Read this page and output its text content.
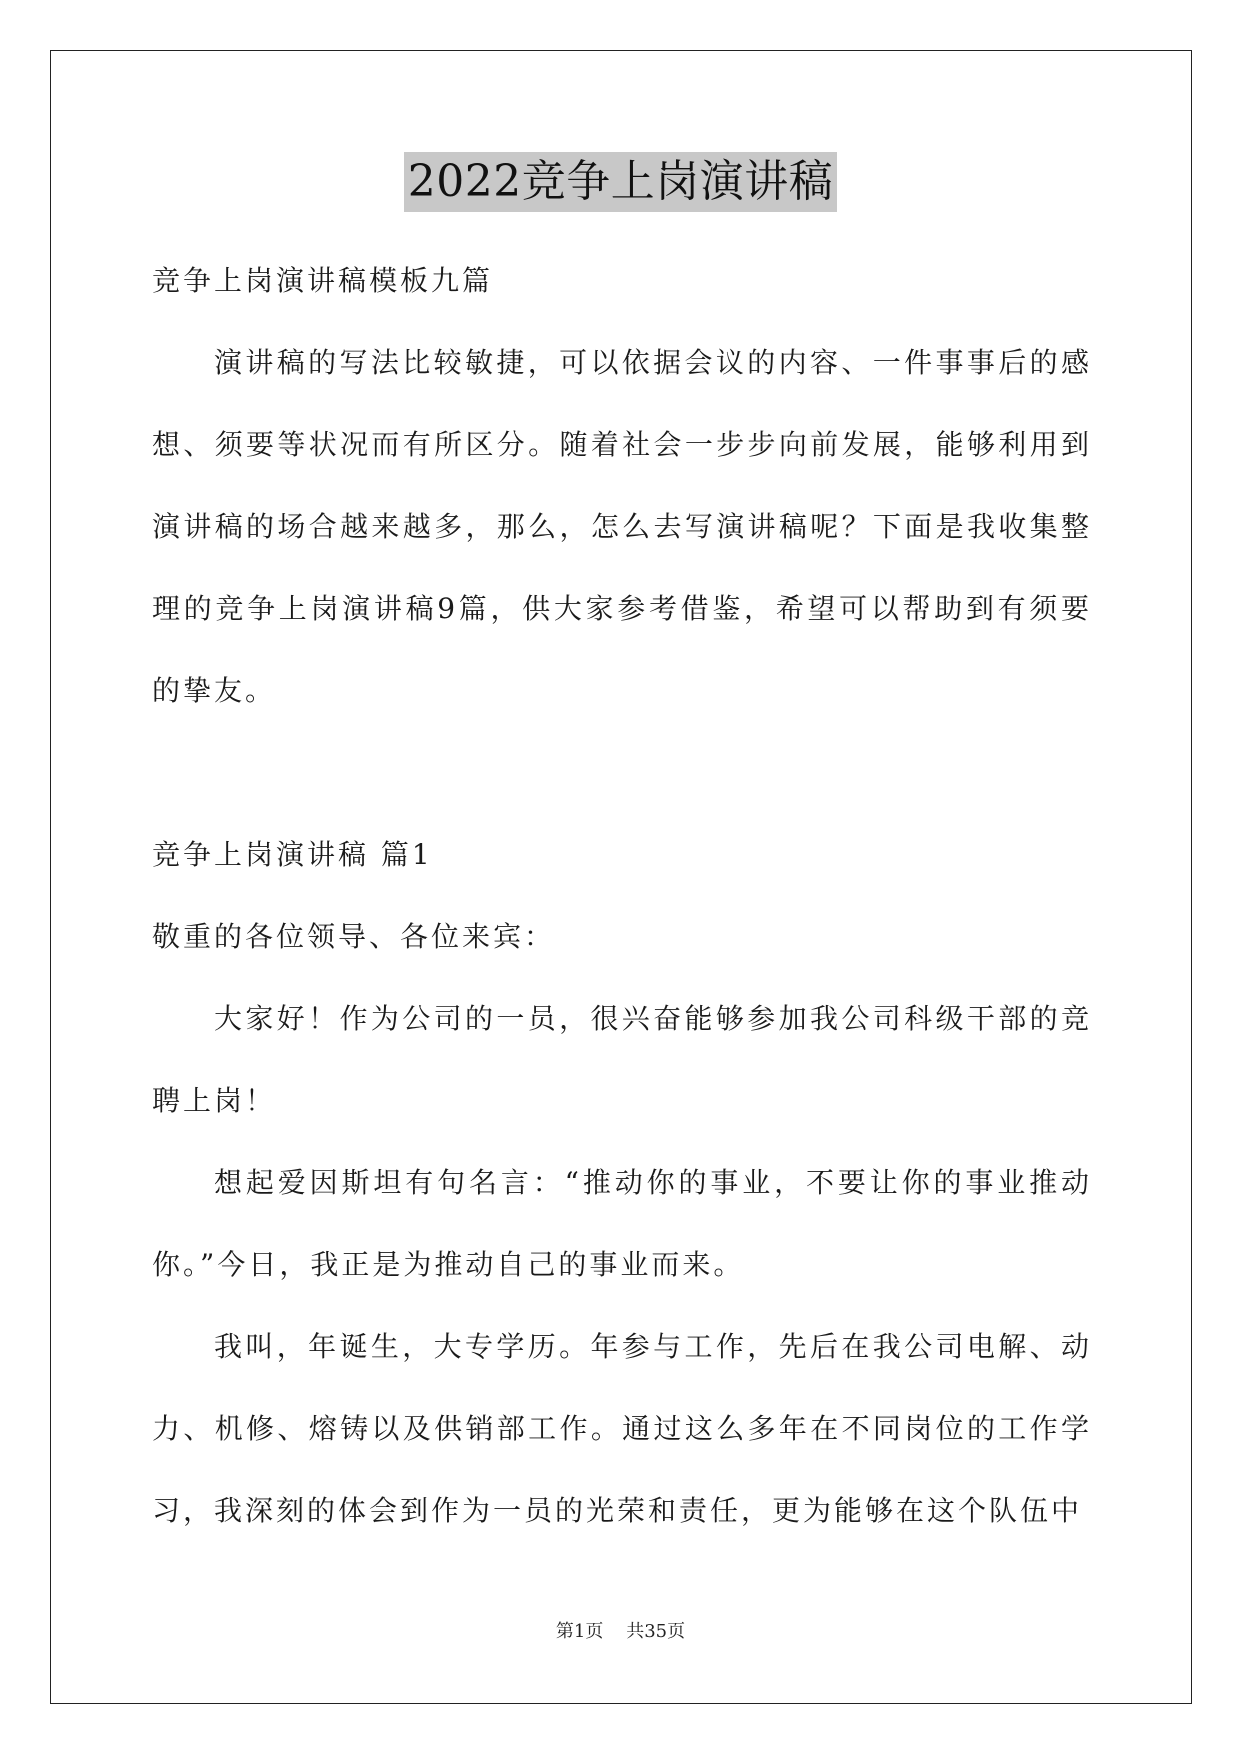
2022竞争上岗演讲稿

竞争上岗演讲稿模板九篇

演讲稿的写法比较敏捷，可以依据会议的内容、一件事事后的感想、须要等状况而有所区分。随着社会一步步向前发展，能够利用到演讲稿的场合越来越多，那么，怎么去写演讲稿呢？下面是我收集整理的竞争上岗演讲稿9篇，供大家参考借鉴，希望可以帮助到有须要的挚友。

竞争上岗演讲稿 篇1

敬重的各位领导、各位来宾：

大家好！作为公司的一员，很兴奋能够参加我公司科级干部的竞聘上岗！

想起爱因斯坦有句名言：“推动你的事业，不要让你的事业推动你。”今日，我正是为推动自己的事业而来。

我叫，年诞生，大专学历。年参与工作，先后在我公司电解、动力、机修、熔铸以及供销部工作。通过这么多年在不同岗位的工作学习，我深刻的体会到作为一员的光荣和责任，更为能够在这个队伍中

第1页 共35页
